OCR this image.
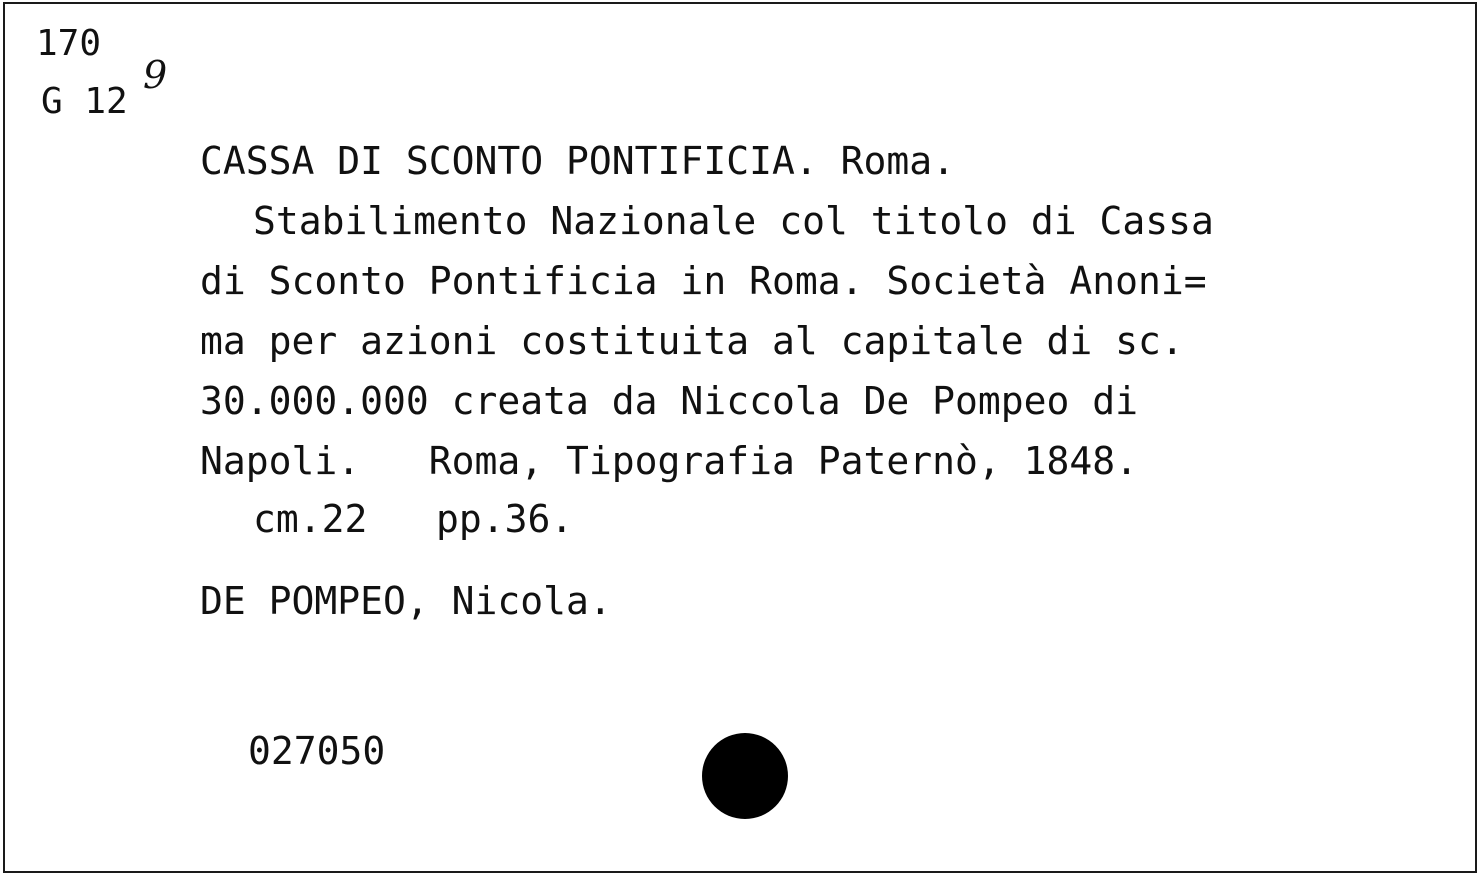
170
G 12
9
CASSA DI SCONTO PONTIFICIA. Roma.
Stabilimento Nazionale col titolo di Cassa
di Sconto Pontificia in Roma. Società Anoni=
ma per azioni costituita al capitale di sc.
30.000.000 creata da Niccola De Pompeo di
Napoli.   Roma, Tipografia Paternò, 1848.
cm.22   pp.36.
DE POMPEO, Nicola.
027050
